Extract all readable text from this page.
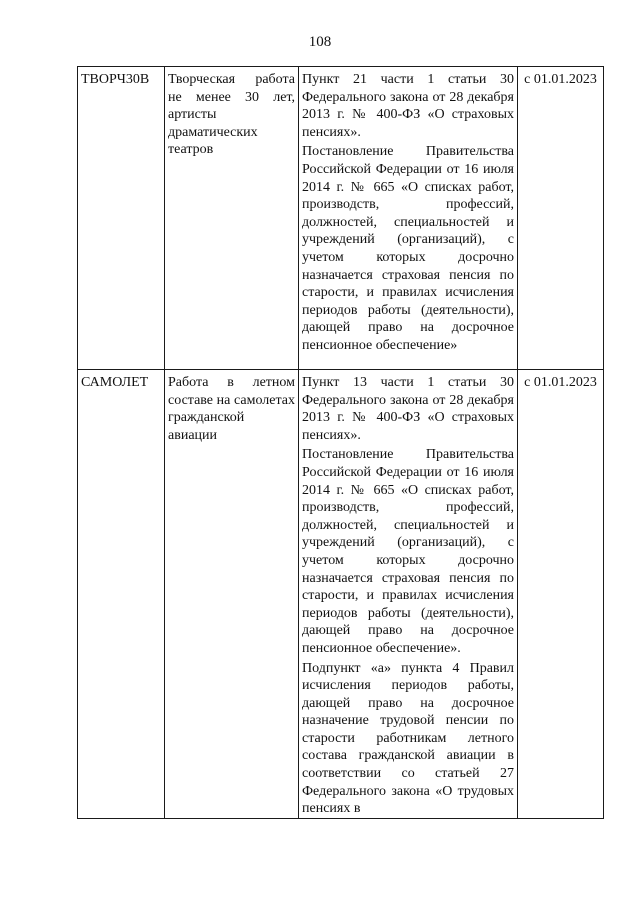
108
ТВОРЧ30В	Творческая работа не менее 30 лет, артисты драматических театров	Пункт 21 части 1 статьи 30 Федерального закона от 28 декабря 2013 г. № 400-ФЗ «О страховых пенсиях».
Постановление Правительства Российской Федерации от 16 июля 2014 г. № 665 «О списках работ, производств, профессий, должностей, специальностей и учреждений (организаций), с учетом которых досрочно назначается страховая пенсия по старости, и правилах исчисления периодов работы (деятельности), дающей право на досрочное пенсионное обеспечение»	с 01.01.2023
САМОЛЕТ	Работа в летном составе на самолетах гражданской авиации	Пункт 13 части 1 статьи 30 Федерального закона от 28 декабря 2013 г. № 400-ФЗ «О страховых пенсиях».
Постановление Правительства Российской Федерации от 16 июля 2014 г. № 665 «О списках работ, производств, профессий, должностей, специальностей и учреждений (организаций), с учетом которых досрочно назначается страховая пенсия по старости, и правилах исчисления периодов работы (деятельности), дающей право на досрочное пенсионное обеспечение».
Подпункт «а» пункта 4 Правил исчисления периодов работы, дающей право на досрочное назначение трудовой пенсии по старости работникам летного состава гражданской авиации в соответствии со статьей 27 Федерального закона «О трудовых пенсиях в	с 01.01.2023
